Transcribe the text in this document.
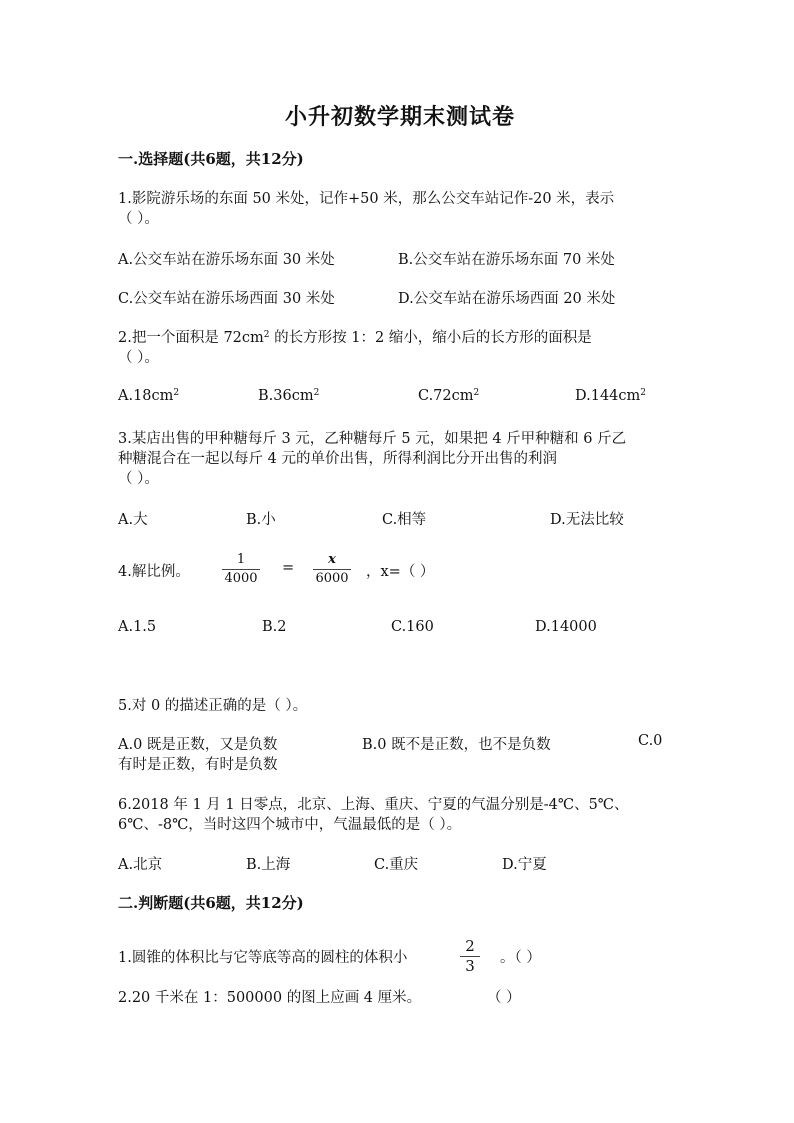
小升初数学期末测试卷
一.选择题(共6题，共12分)
1.影院游乐场的东面 50 米处，记作+50 米，那么公交车站记作-20 米，表示
（ ）。
A.公交车站在游乐场东面 30 米处	B.公交车站在游乐场东面 70 米处
C.公交车站在游乐场西面 30 米处	D.公交车站在游乐场西面 20 米处
2.把一个面积是 $72cm^2$ 的长方形按 1：2 缩小，缩小后的长方形的面积是
（ ）。
$A.18cm^2$	$B.36cm^2$	$C.72cm^2$	$D.144cm^2$
3.某店出售的甲种糖每斤 3 元，乙种糖每斤 5 元，如果把 4 斤甲种糖和 6 斤乙
种糖混合在一起以每斤 4 元的单价出售，所得利润比分开出售的利润
（ ）。
A.大	B.小	C.相等	D.无法比较
4.解比例。
1
4000
=
x
6000 ，x=（ ）
A.1.5	B.2	C.160	D.14000
5.对 0 的描述正确的是（ ）。
A.0 既是正数，又是负数	B.0 既不是正数，也不是负数	C.0
有时是正数，有时是负数
6.2018 年 1 月 1 日零点，北京、上海、重庆、宁夏的气温分别是-4℃、5℃、
6℃、-8℃，当时这四个城市中，气温最低的是（ ）。
A.北京	B.上海	C.重庆	D.宁夏
二.判断题(共6题，共12分)
1.圆锥的体积比与它等底等高的圆柱的体积小
2
3	。（ ）
2.20 千米在 1：500000 的图上应画 4 厘米。	（ ）
